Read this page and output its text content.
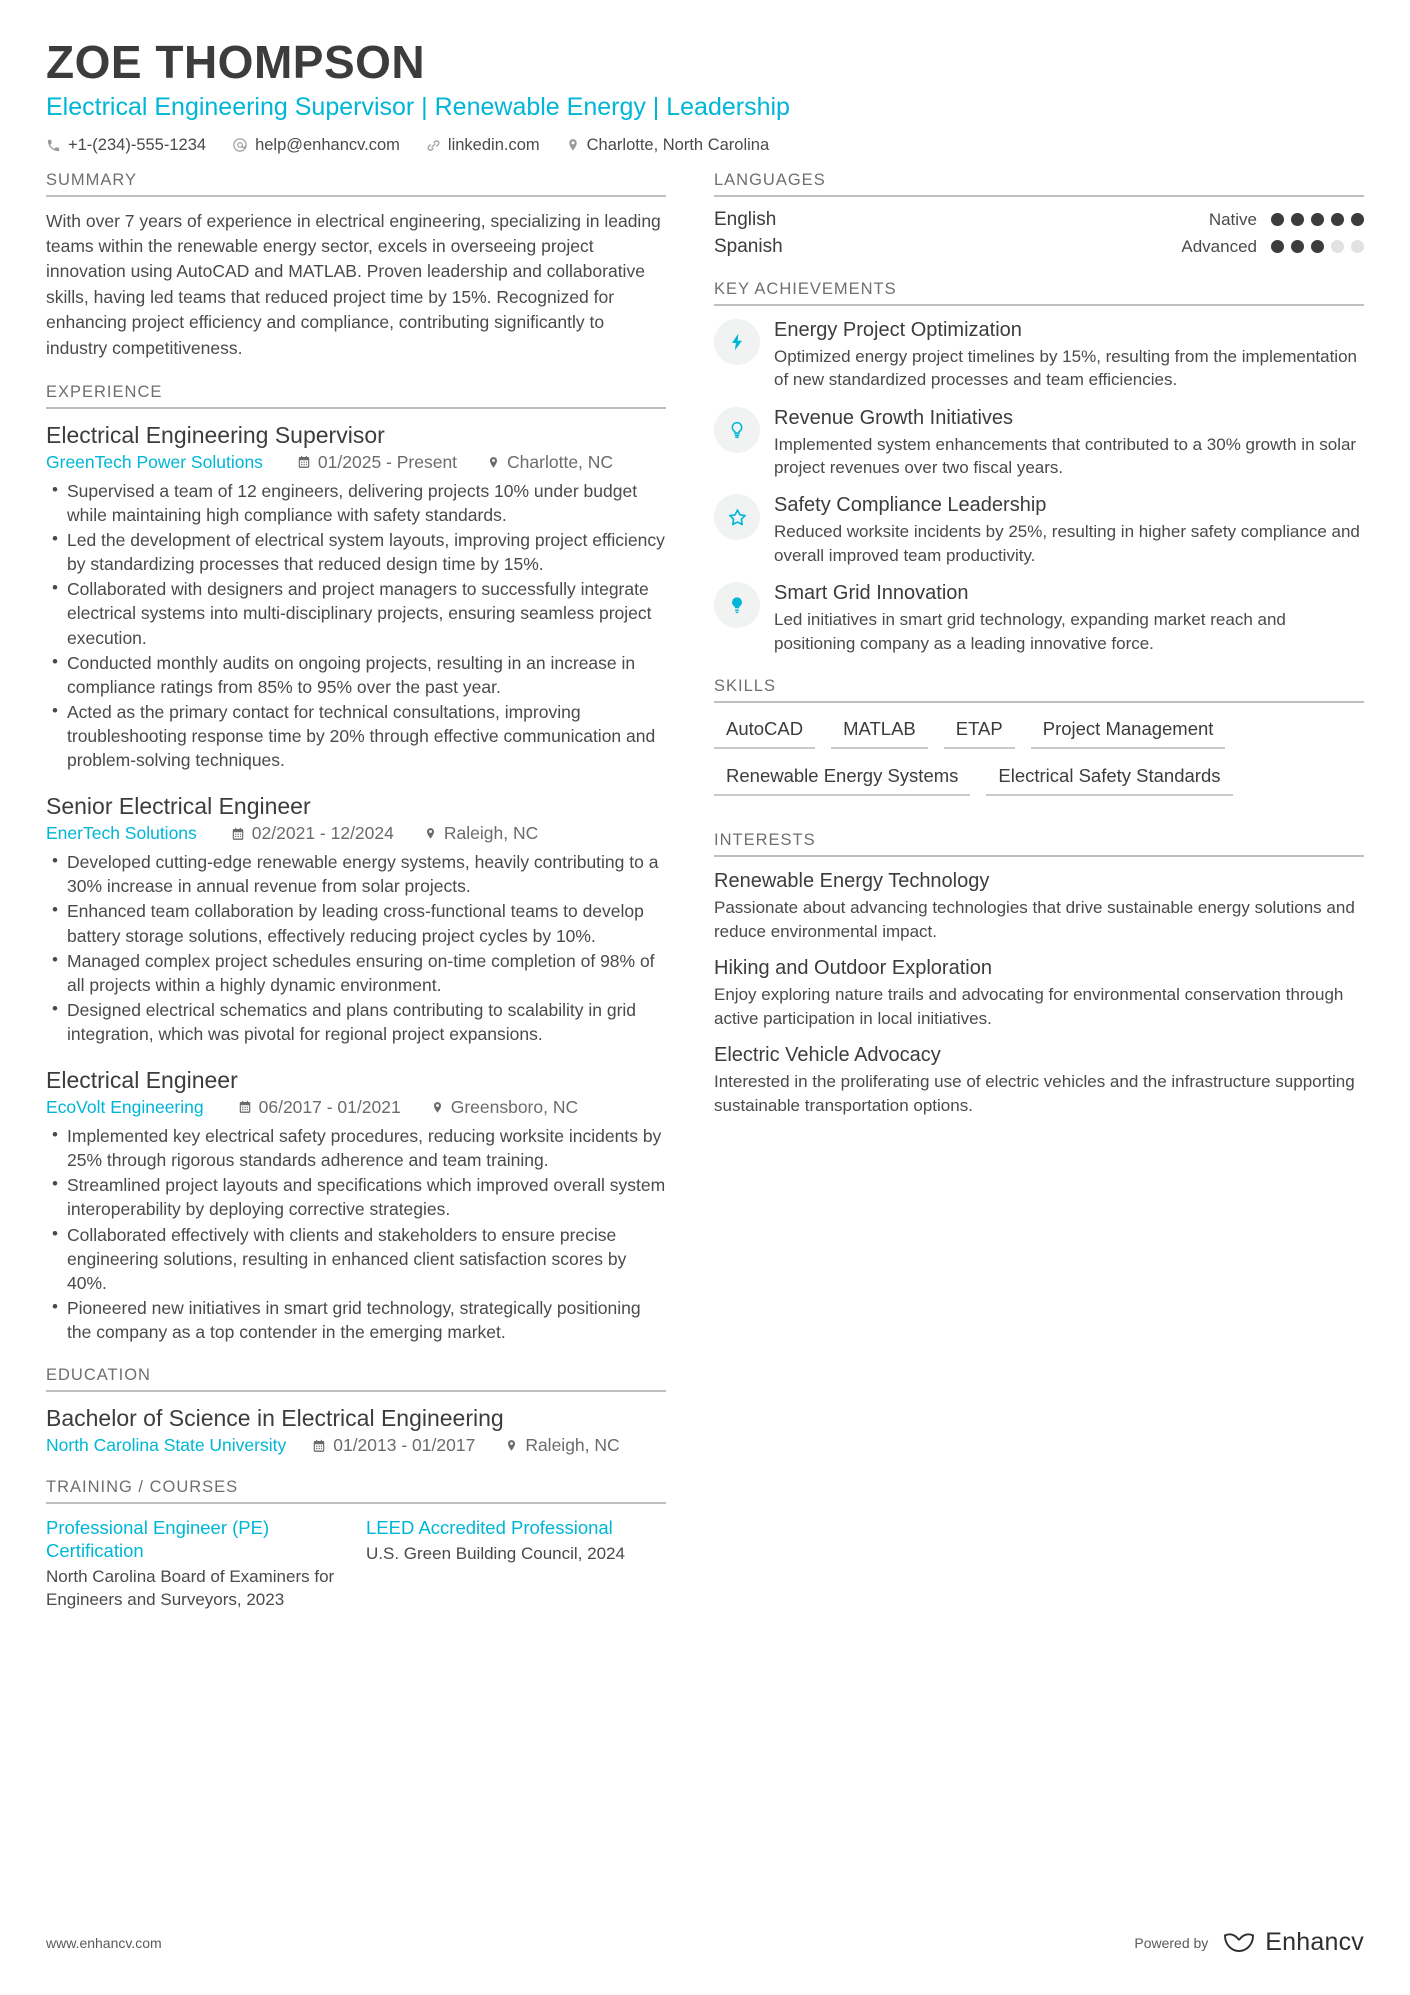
ZOE THOMPSON
Electrical Engineering Supervisor | Renewable Energy | Leadership
+1-(234)-555-1234	help@enhancv.com	linkedin.com	Charlotte, North Carolina
SUMMARY

With over 7 years of experience in electrical engineering, specializing in leading teams within the renewable energy sector, excels in overseeing project innovation using AutoCAD and MATLAB. Proven leadership and collaborative skills, having led teams that reduced project time by 15%. Recognized for enhancing project efficiency and compliance, contributing significantly to industry competitiveness.

EXPERIENCE
Electrical Engineering Supervisor
GreenTech Power Solutions	01/2025 - Present	Charlotte, NC
• Supervised a team of 12 engineers, delivering projects 10% under budget while maintaining high compliance with safety standards.
• Led the development of electrical system layouts, improving project efficiency by standardizing processes that reduced design time by 15%.
• Collaborated with designers and project managers to successfully integrate electrical systems into multi-disciplinary projects, ensuring seamless project execution.
• Conducted monthly audits on ongoing projects, resulting in an increase in compliance ratings from 85% to 95% over the past year.
• Acted as the primary contact for technical consultations, improving troubleshooting response time by 20% through effective communication and problem-solving techniques.
Senior Electrical Engineer
EnerTech Solutions	02/2021 - 12/2024	Raleigh, NC
• Developed cutting-edge renewable energy systems, heavily contributing to a 30% increase in annual revenue from solar projects.
• Enhanced team collaboration by leading cross-functional teams to develop battery storage solutions, effectively reducing project cycles by 10%.
• Managed complex project schedules ensuring on-time completion of 98% of all projects within a highly dynamic environment.
• Designed electrical schematics and plans contributing to scalability in grid integration, which was pivotal for regional project expansions.
Electrical Engineer
EcoVolt Engineering	06/2017 - 01/2021	Greensboro, NC
• Implemented key electrical safety procedures, reducing worksite incidents by 25% through rigorous standards adherence and team training.
• Streamlined project layouts and specifications which improved overall system interoperability by deploying corrective strategies.
• Collaborated effectively with clients and stakeholders to ensure precise engineering solutions, resulting in enhanced client satisfaction scores by 40%.
• Pioneered new initiatives in smart grid technology, strategically positioning the company as a top contender in the emerging market.
EDUCATION
Bachelor of Science in Electrical Engineering
North Carolina State University	01/2013 - 01/2017	Raleigh, NC
TRAINING / COURSES
Professional Engineer (PE) Certification
North Carolina Board of Examiners for Engineers and Surveyors, 2023
LEED Accredited Professional
U.S. Green Building Council, 2024
LANGUAGES
English	Native
Spanish	Advanced
KEY ACHIEVEMENTS
Energy Project Optimization
Optimized energy project timelines by 15%, resulting from the implementation of new standardized processes and team efficiencies.
Revenue Growth Initiatives
Implemented system enhancements that contributed to a 30% growth in solar project revenues over two fiscal years.
Safety Compliance Leadership
Reduced worksite incidents by 25%, resulting in higher safety compliance and overall improved team productivity.
Smart Grid Innovation
Led initiatives in smart grid technology, expanding market reach and positioning company as a leading innovative force.
SKILLS
AutoCAD	MATLAB	ETAP	Project Management
Renewable Energy Systems	Electrical Safety Standards
INTERESTS
Renewable Energy Technology
Passionate about advancing technologies that drive sustainable energy solutions and reduce environmental impact.
Hiking and Outdoor Exploration
Enjoy exploring nature trails and advocating for environmental conservation through active participation in local initiatives.
Electric Vehicle Advocacy
Interested in the proliferating use of electric vehicles and the infrastructure supporting sustainable transportation options.
www.enhancv.com	Powered by Enhancv
